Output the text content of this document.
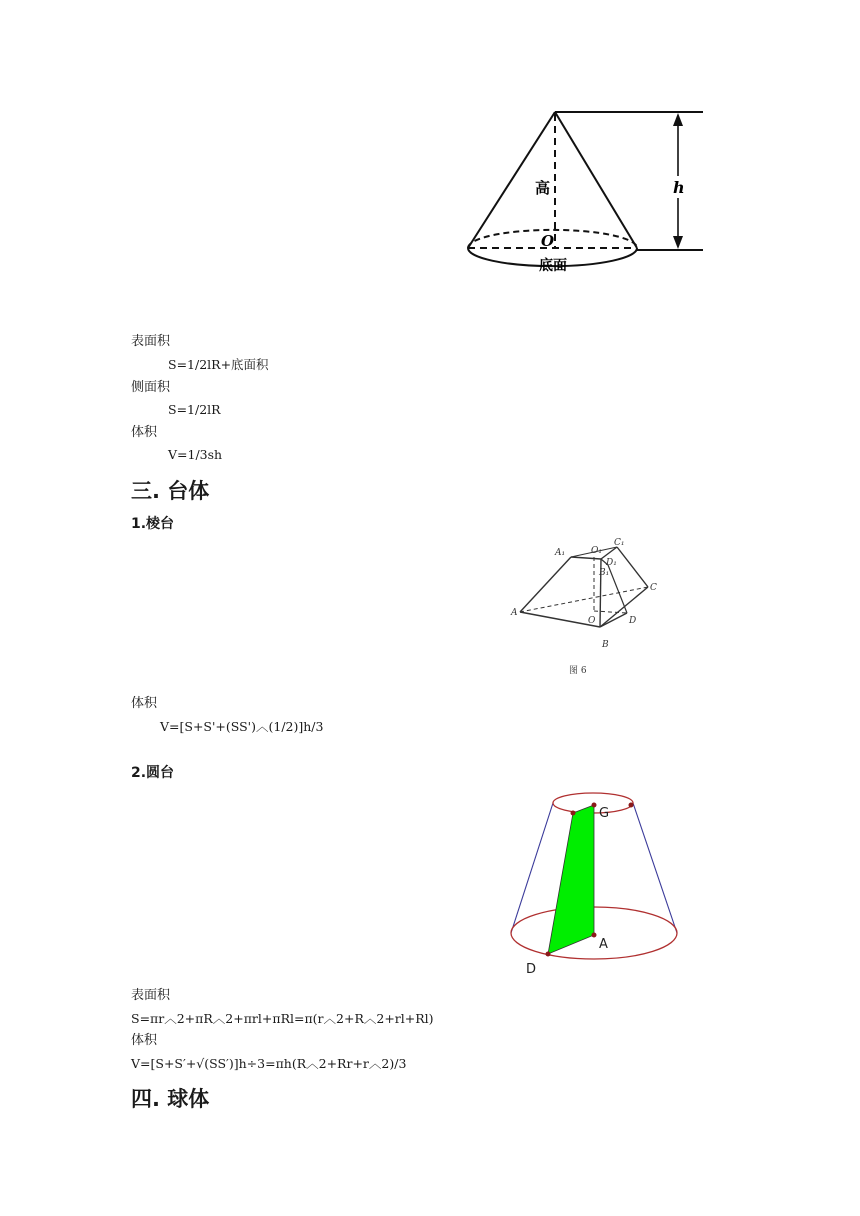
h
高
O
底面
表面积
S=1/2lR+底面积
侧面积
S=1/2lR
体积
V=1/3sh
三. 台体
1.棱台
A₁	O₁
C₁
B₁
D₁
A
O
C
D
B
图 6
体积
V=[S+S'+(SS')︿(1/2)]h/3
2.圆台
G
A
D
表面积
S=πr︿2+πR︿2+πrl+πRl=π(r︿2+R︿2+rl+Rl)
体积
V=[S+S′+√(SS′)]h÷3=πh(R︿2+Rr+r︿2)/3
四. 球体
